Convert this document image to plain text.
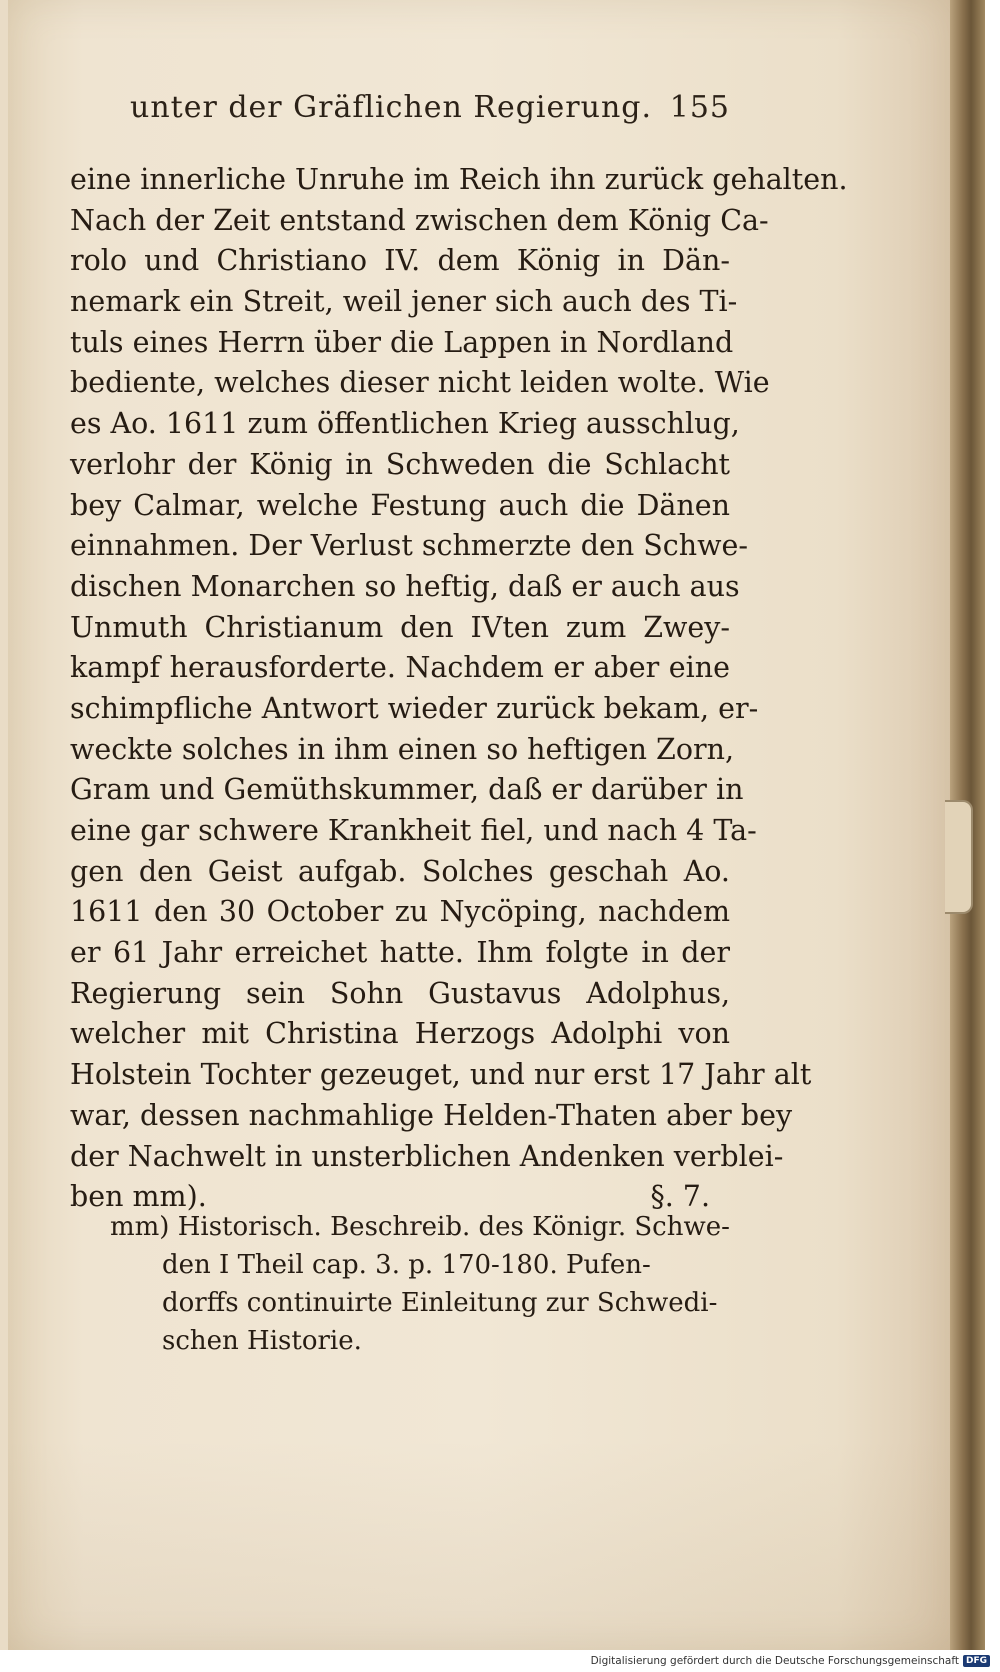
unter der Gräflichen Regierung. 155
eine innerliche Unruhe im Reich ihn zurück gehalten.
Nach der Zeit entstand zwischen dem König Ca-
rolo und Christiano IV. dem König in Dän-
nemark ein Streit, weil jener sich auch des Ti-
tuls eines Herrn über die Lappen in Nordland
bediente, welches dieser nicht leiden wolte. Wie
es Ao. 1611 zum öffentlichen Krieg ausschlug,
verlohr der König in Schweden die Schlacht
bey Calmar, welche Festung auch die Dänen
einnahmen. Der Verlust schmerzte den Schwe-
dischen Monarchen so heftig, daß er auch aus
Unmuth Christianum den IVten zum Zwey-
kampf herausforderte. Nachdem er aber eine
schimpfliche Antwort wieder zurück bekam, er-
weckte solches in ihm einen so heftigen Zorn,
Gram und Gemüthskummer, daß er darüber in
eine gar schwere Krankheit fiel, und nach 4 Ta-
gen den Geist aufgab. Solches geschah Ao.
1611 den 30 October zu Nycöping, nachdem
er 61 Jahr erreichet hatte. Ihm folgte in der
Regierung sein Sohn Gustavus Adolphus,
welcher mit Christina Herzogs Adolphi von
Holstein Tochter gezeuget, und nur erst 17 Jahr alt
war, dessen nachmahlige Helden-Thaten aber bey
der Nachwelt in unsterblichen Andenken verblei-
ben mm).	§. 7.
mm) Historisch. Beschreib. des Königr. Schwe-
den I Theil cap. 3. p. 170-180. Pufen-
dorffs continuirte Einleitung zur Schwedi-
schen Historie.
Digitalisierung gefördert durch die Deutsche Forschungsgemeinschaft DFG
